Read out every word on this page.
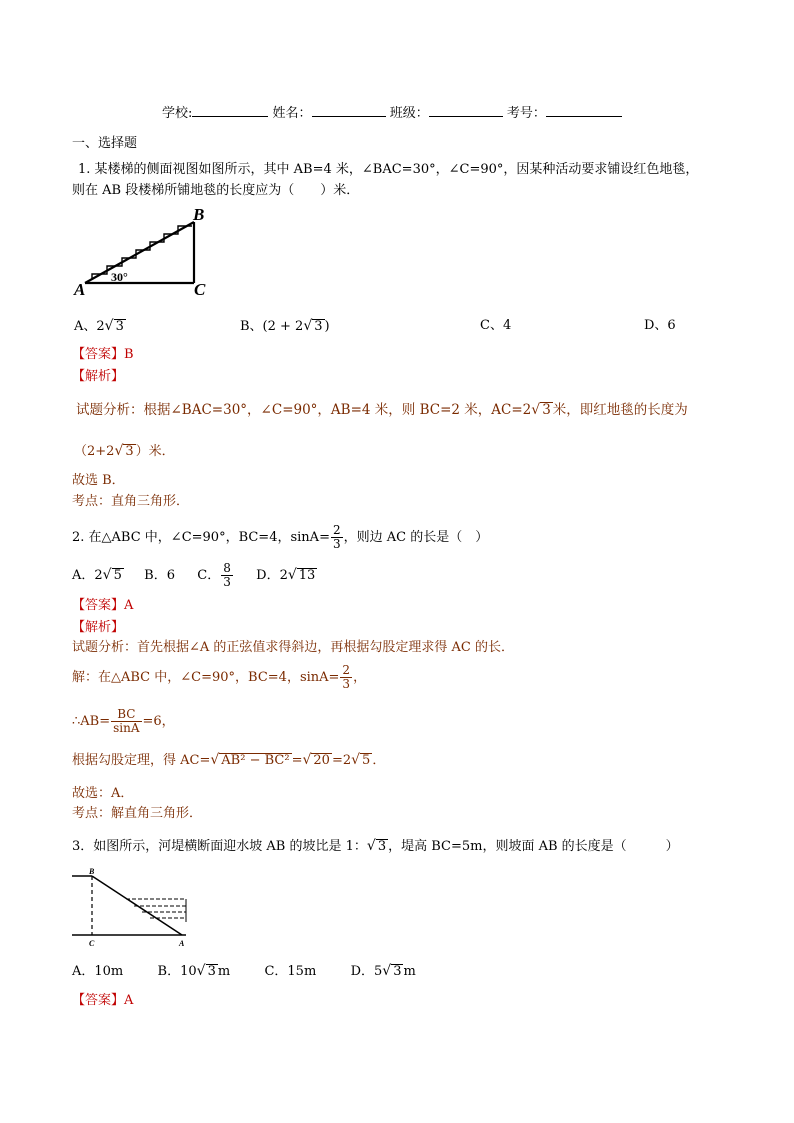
学校:	姓名：	班级：	考号：
一、选择题
1. 某楼梯的侧面视图如图所示，其中 AB=4 米，∠BAC=30°，∠C=90°，因某种活动要求铺设红色地毯，
则在 AB 段楼梯所铺地毯的长度应为（　　）米．
A
B
C
30°
A、2√ 3	B、(2 + 2√ 3 )	C、4	D、6
【答案】B
【解析】
试题分析：根据∠BAC=30°，∠C=90°，AB=4 米，则 BC=2 米，AC=2√ 3 米，即红地毯的长度为
（2+2√ 3 ）米．
故选 B．
考点：直角三角形．
2. 在△ABC 中，∠C=90°，BC=4，$\sin A= \frac{2}{3}$ ，则边 AC 的长是（　）
A．2√ 5 B．6 C． $\frac{8}{3}$ D．2√ 13
【答案】A
【解析】
试题分析：首先根据∠A 的正弦值求得斜边，再根据勾股定理求得 AC 的长．
解：在△ABC 中，∠C=90°，BC=4，$\sin A= \frac{2}{3}$ ，
∴AB= $\frac{BC}{\sin A} =6$，
根据勾股定理，得 AC=√ AB² − BC² =√ 20 =2√ 5 ．
故选：A．
考点：解直角三角形．
3．如图所示，河堤横断面迎水坡 AB 的坡比是 1：√ 3 ，堤高 BC=5m，则坡面 AB 的长度是（　　　）
B
C	A
A．10m	B．10√ 3 m	C．15m	D．5√ 3 m
【答案】A
